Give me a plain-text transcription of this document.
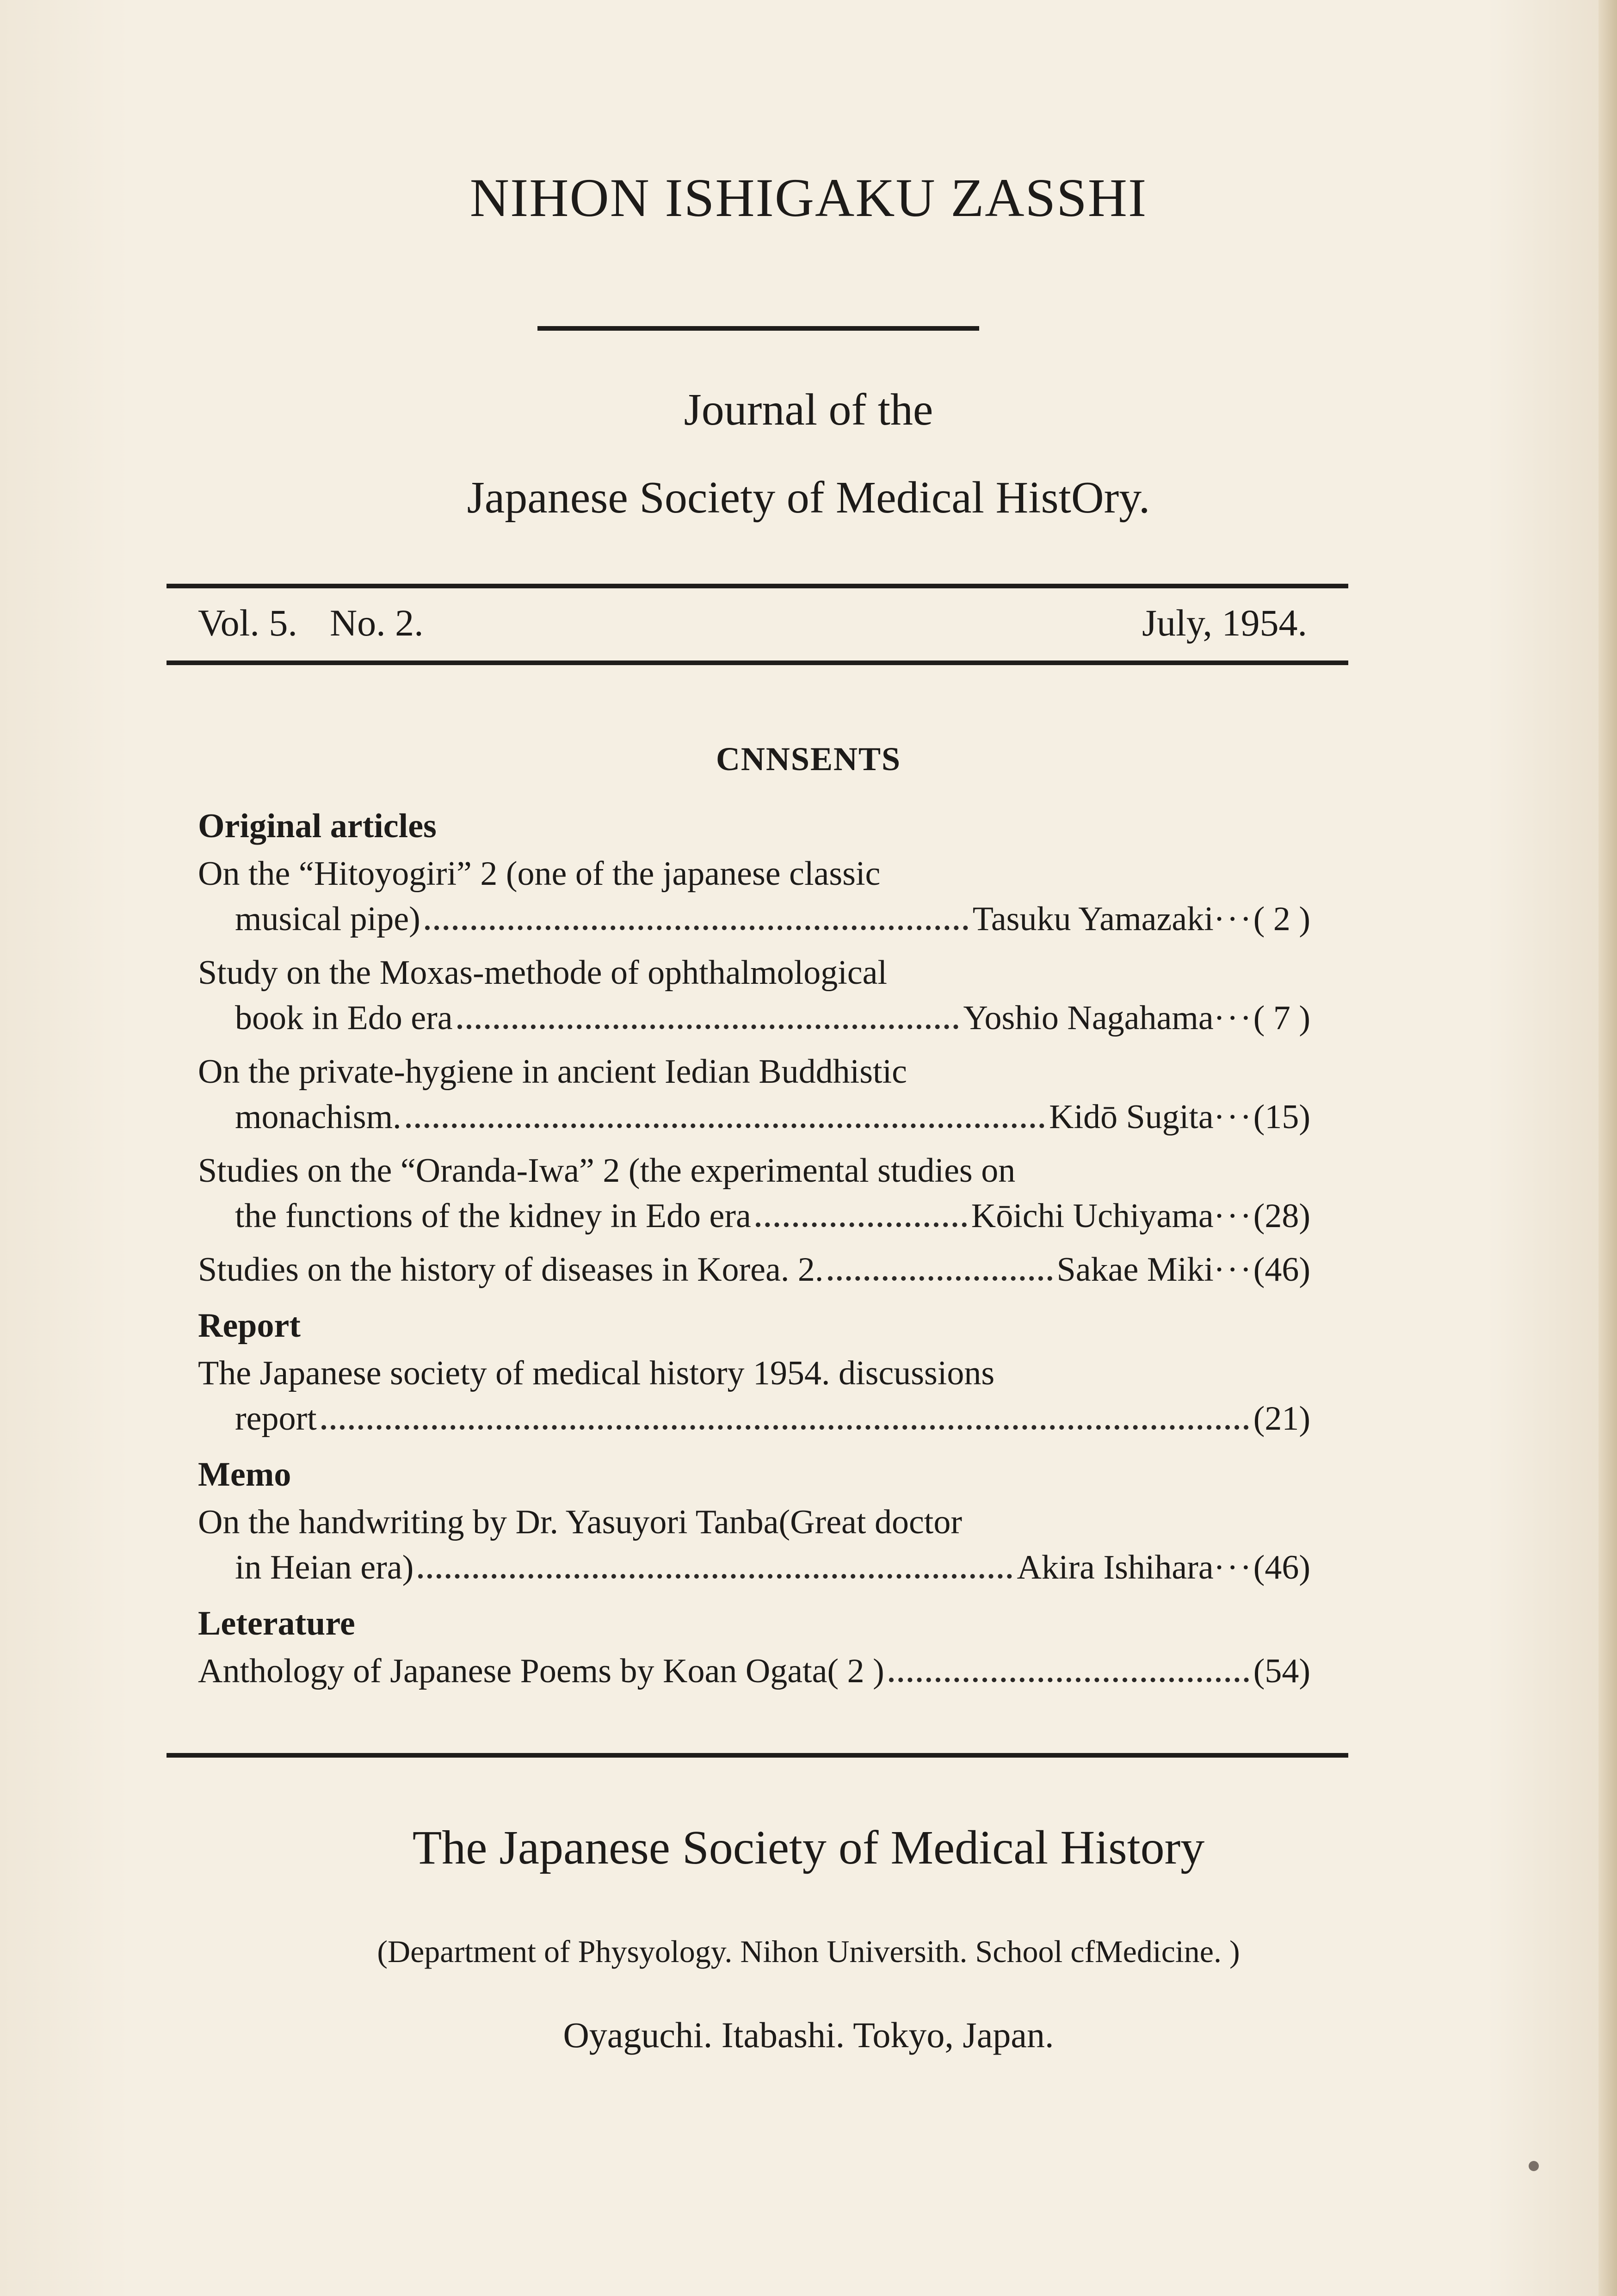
NIHON ISHIGAKU ZASSHI
Journal of the
Japanese Society of Medical HistOry.
Vol. 5. No. 2.	July, 1954.
CNNSENTS
Original articles
On the “Hitoyogiri” 2 (one of the japanese classic
musical pipe)	Tasuku Yamazaki ··· ( 2 )
Study on the Moxas-methode of ophthalmological
book in Edo era	Yoshio Nagahama ··· ( 7 )
On the private-hygiene in ancient Iedian Buddhistic
monachism.	Kidō Sugita ··· (15)
Studies on the “Oranda-Iwa” 2 (the experimental studies on
the functions of the kidney in Edo era	Kōichi Uchiyama ··· (28)
Studies on the history of diseases in Korea. 2.	Sakae Miki ··· (46)
Report
The Japanese society of medical history 1954. discussions
report	(21)
Memo
On the handwriting by Dr. Yasuyori Tanba(Great doctor
in Heian era)	Akira Ishihara ··· (46)
Leterature
Anthology of Japanese Poems by Koan Ogata( 2 )	(54)
The Japanese Society of Medical History
(Department of Physyology. Nihon Universith. School cfMedicine. )
Oyaguchi. Itabashi. Tokyo, Japan.
